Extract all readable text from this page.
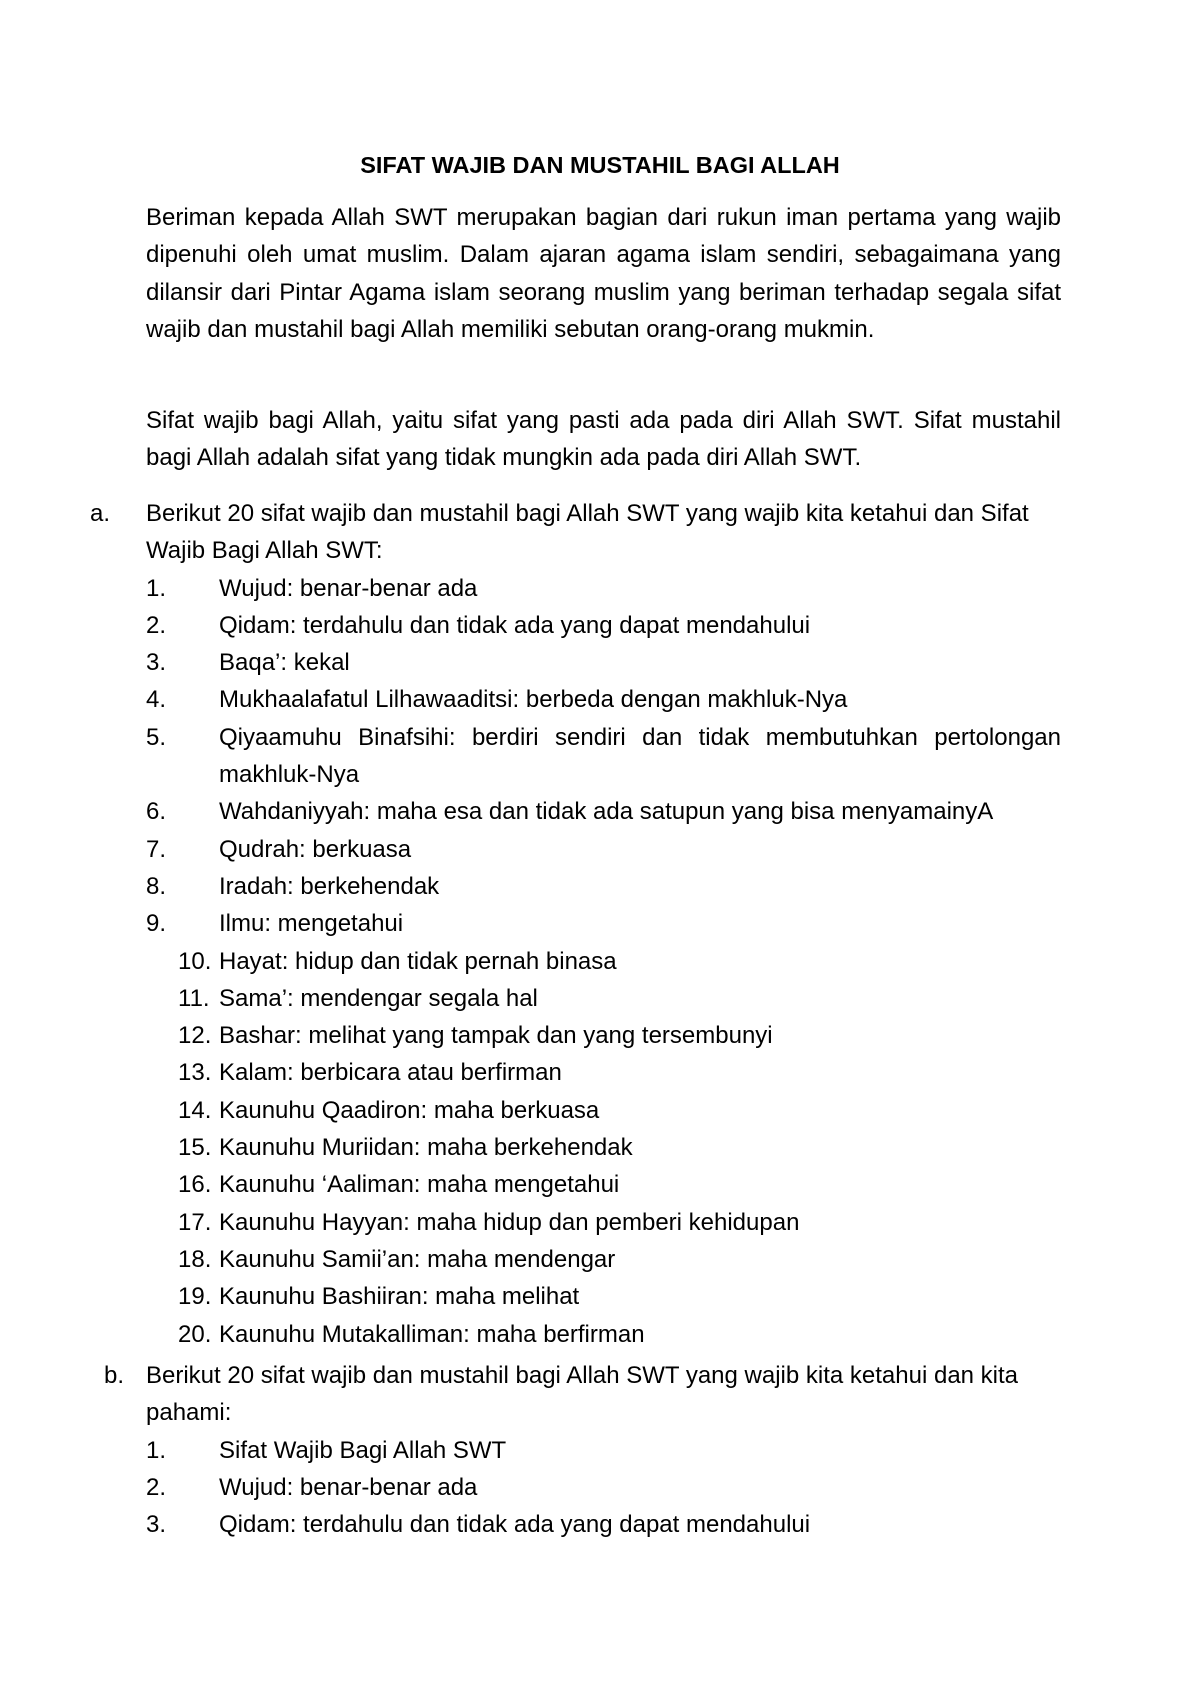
SIFAT WAJIB DAN MUSTAHIL BAGI ALLAH
Beriman kepada Allah SWT merupakan bagian dari rukun iman pertama yang wajib dipenuhi oleh umat muslim. Dalam ajaran agama islam sendiri, sebagaimana yang dilansir dari Pintar Agama islam seorang muslim yang beriman terhadap segala sifat wajib dan mustahil bagi Allah memiliki sebutan orang-orang mukmin.
Sifat wajib bagi Allah, yaitu sifat yang pasti ada pada diri Allah SWT. Sifat mustahil bagi Allah adalah sifat yang tidak mungkin ada pada diri Allah SWT.
a. Berikut 20 sifat wajib dan mustahil bagi Allah SWT yang wajib kita ketahui dan Sifat Wajib Bagi Allah SWT:
1.	Wujud: benar-benar ada
2.	Qidam: terdahulu dan tidak ada yang dapat mendahului
3.	Baqa’: kekal
4.	Mukhaalafatul Lilhawaaditsi: berbeda dengan makhluk-Nya
5.	Qiyaamuhu Binafsihi: berdiri sendiri dan tidak membutuhkan pertolongan makhluk-Nya
6.	Wahdaniyyah: maha esa dan tidak ada satupun yang bisa menyamainyA
7.	Qudrah: berkuasa
8.	Iradah: berkehendak
9.	Ilmu: mengetahui
10. Hayat: hidup dan tidak pernah binasa
11. Sama’: mendengar segala hal
12. Bashar: melihat yang tampak dan yang tersembunyi
13. Kalam: berbicara atau berfirman
14. Kaunuhu Qaadiron: maha berkuasa
15. Kaunuhu Muriidan: maha berkehendak
16. Kaunuhu ‘Aaliman: maha mengetahui
17. Kaunuhu Hayyan: maha hidup dan pemberi kehidupan
18. Kaunuhu Samii’an: maha mendengar
19. Kaunuhu Bashiiran: maha melihat
20. Kaunuhu Mutakalliman: maha berfirman
b. Berikut 20 sifat wajib dan mustahil bagi Allah SWT yang wajib kita ketahui dan kita pahami:
1.	Sifat Wajib Bagi Allah SWT
2.	Wujud: benar-benar ada
3.	Qidam: terdahulu dan tidak ada yang dapat mendahului
